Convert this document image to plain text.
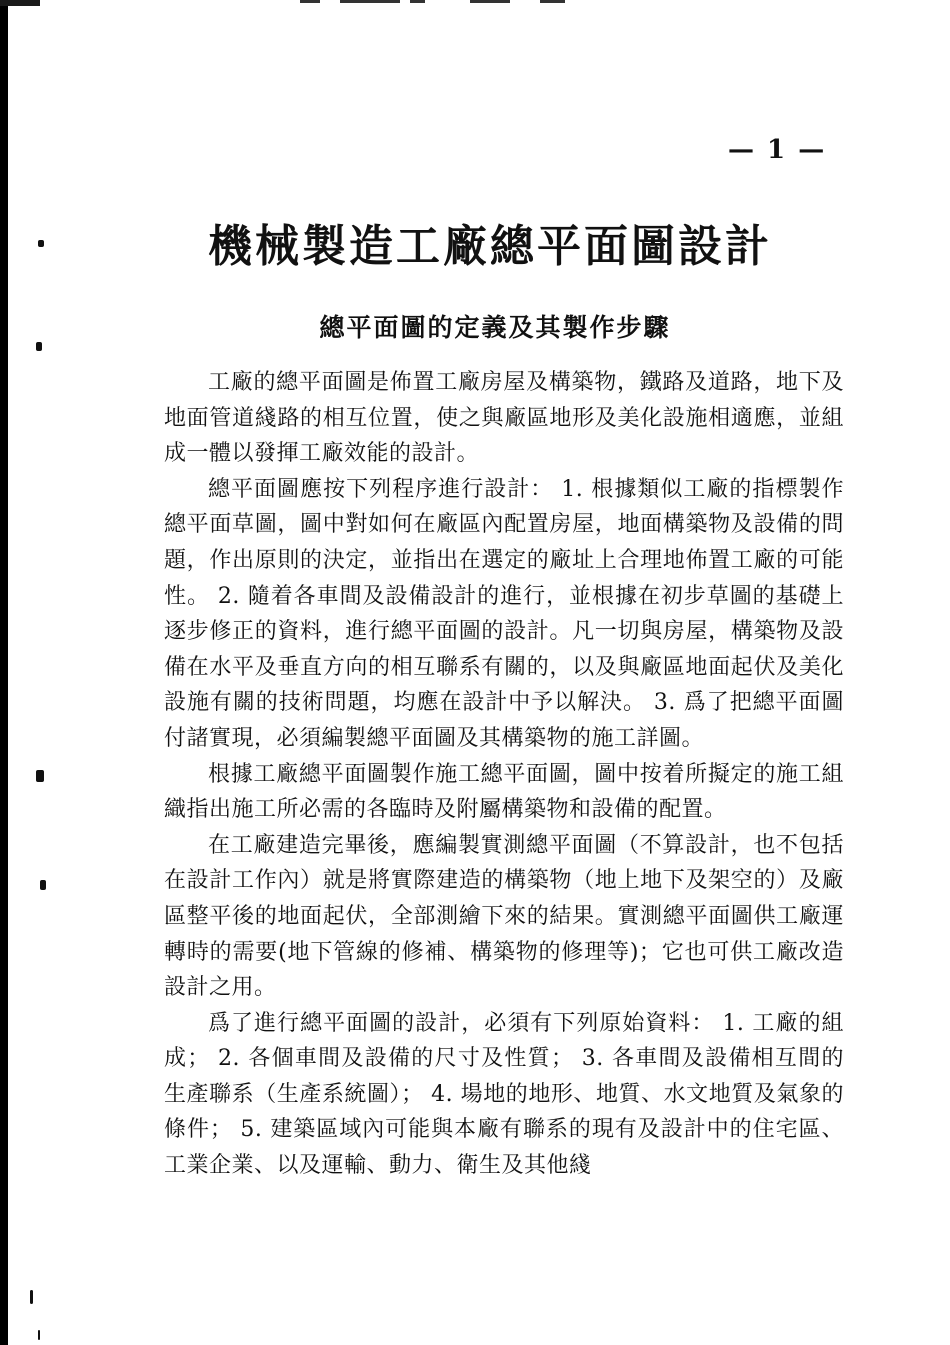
— 1 —
機械製造工廠總平面圖設計
總平面圖的定義及其製作步驟

工廠的總平面圖是佈置工廠房屋及構築物，鐵路及道路，地下及地面管道綫路的相互位置，使之與廠區地形及美化設施相適應，並組成一體以發揮工廠效能的設計。

總平面圖應按下列程序進行設計： 1. 根據類似工廠的指標製作總平面草圖，圖中對如何在廠區內配置房屋，地面構築物及設備的問題，作出原則的決定，並指出在選定的廠址上合理地佈置工廠的可能性。 2. 隨着各車間及設備設計的進行，並根據在初步草圖的基礎上逐步修正的資料，進行總平面圖的設計。凡一切與房屋，構築物及設備在水平及垂直方向的相互聯系有關的，以及與廠區地面起伏及美化設施有關的技術問題，均應在設計中予以解決。 3. 爲了把總平面圖付諸實現，必須編製總平面圖及其構築物的施工詳圖。

根據工廠總平面圖製作施工總平面圖，圖中按着所擬定的施工組織指出施工所必需的各臨時及附屬構築物和設備的配置。

在工廠建造完畢後，應編製實測總平面圖（不算設計，也不包括在設計工作內）就是將實際建造的構築物（地上地下及架空的）及廠區整平後的地面起伏，全部測繪下來的結果。實測總平面圖供工廠運轉時的需要(地下管線的修補、構築物的修理等)；它也可供工廠改造設計之用。

爲了進行總平面圖的設計，必須有下列原始資料： 1. 工廠的組成； 2. 各個車間及設備的尺寸及性質； 3. 各車間及設備相互間的生產聯系（生產系統圖）； 4. 場地的地形、地質、水文地質及氣象的條件； 5. 建築區域內可能與本廠有聯系的現有及設計中的住宅區、工業企業、以及運輸、動力、衛生及其他綫
